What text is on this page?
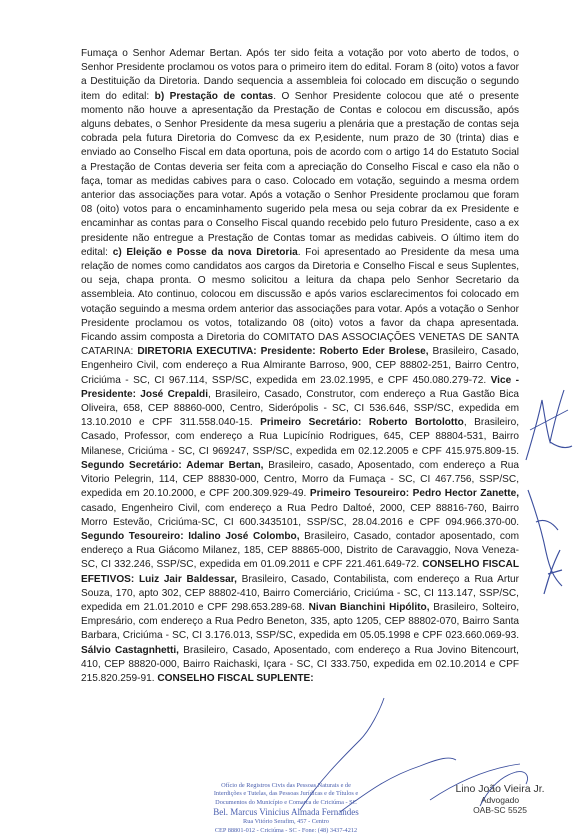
Fumaça o Senhor Ademar Bertan. Após ter sido feita a votação por voto aberto de todos, o Senhor Presidente proclamou os votos para o primeiro item do edital. Foram 8 (oito) votos a favor a Destituição da Diretoria. Dando sequencia a assembleia foi colocado em discução o segundo item do edital: b) Prestação de contas. O Senhor Presidente colocou que até o presente momento não houve a apresentação da Prestação de Contas e colocou em discussão, após alguns debates, o Senhor Presidente da mesa sugeriu a plenária que a prestação de contas seja cobrada pela futura Diretoria do Comvesc da ex P,esidente, num prazo de 30 (trinta) dias e enviado ao Conselho Fiscal em data oportuna, pois de acordo com o artigo 14 do Estatuto Social a Prestação de Contas deveria ser feita com a apreciação do Conselho Fiscal e caso ela não o faça, tomar as medidas cabives para o caso. Colocado em votação, seguindo a mesma ordem anterior das associações para votar. Após a votação o Senhor Presidente proclamou que foram 08 (oito) votos para o encaminhamento sugerido pela mesa ou seja cobrar da ex Presidente e encaminhar as contas para o Conselho Fiscal quando recebido pelo futuro Presidente, caso a ex presidente não entregue a Prestação de Contas tomar as medidas cabiveis. O último item do edital: c) Eleição e Posse da nova Diretoria. Foi apresentado ao Presidente da mesa uma relação de nomes como candidatos aos cargos da Diretoria e Conselho Fiscal e seus Suplentes, ou seja, chapa pronta. O mesmo solicitou a leitura da chapa pelo Senhor Secretario da assembleia. Ato continuo, colocou em discussão e após varios esclarecimentos foi colocado em votação seguindo a mesma ordem anterior das associações para votar. Após a votação o Senhor Presidente proclamou os votos, totalizando 08 (oito) votos a favor da chapa apresentada. Ficando assim composta a Diretoria do COMITATO DAS ASSOCIAÇÕES VENETAS DE SANTA CATARINA: DIRETORIA EXECUTIVA: Presidente: Roberto Eder Brolese, Brasileiro, Casado, Engenheiro Civil, com endereço a Rua Almirante Barroso, 900, CEP 88802-251, Bairro Centro, Criciúma - SC, CI 967.114, SSP/SC, expedida em 23.02.1995, e CPF 450.080.279-72. Vice - Presidente: José Crepaldi, Brasileiro, Casado, Construtor, com endereço a Rua Gastão Bica Oliveira, 658, CEP 88860-000, Centro, Siderópolis - SC, CI 536.646, SSP/SC, expedida em 13.10.2010 e CPF 311.558.040-15. Primeiro Secretário: Roberto Bortolotto, Brasileiro, Casado, Professor, com endereço a Rua Lupicínio Rodrigues, 645, CEP 88804-531, Bairro Milanese, Criciúma - SC, CI 969247, SSP/SC, expedida em 02.12.2005 e CPF 415.975.809-15. Segundo Secretário: Ademar Bertan, Brasileiro, casado, Aposentado, com endereço a Rua Vitorio Pelegrin, 114, CEP 88830-000, Centro, Morro da Fumaça - SC, CI 467.756, SSP/SC, expedida em 20.10.2000, e CPF 200.309.929-49. Primeiro Tesoureiro: Pedro Hector Zanette, casado, Engenheiro Civil, com endereço a Rua Pedro Daltoé, 2000, CEP 88816-760, Bairro Morro Estevão, Criciúma-SC, CI 600.3435101, SSP/SC, 28.04.2016 e CPF 094.966.370-00. Segundo Tesoureiro: Idalino José Colombo, Brasileiro, Casado, contador aposentado, com endereço a Rua Giácomo Milanez, 185, CEP 88865-000, Distrito de Caravaggio, Nova Veneza-SC, CI 332.246, SSP/SC, expedida em 01.09.2011 e CPF 221.461.649-72. CONSELHO FISCAL EFETIVOS: Luiz Jair Baldessar, Brasileiro, Casado, Contabilista, com endereço a Rua Artur Souza, 170, apto 302, CEP 88802-410, Bairro Comerciário, Criciúma - SC, CI 113.147, SSP/SC, expedida em 21.01.2010 e CPF 298.653.289-68. Nivan Bianchini Hipólito, Brasileiro, Solteiro, Empresário, com endereço a Rua Pedro Beneton, 335, apto 1205, CEP 88802-070, Bairro Santa Barbara, Criciúma - SC, CI 3.176.013, SSP/SC, expedida em 05.05.1998 e CPF 023.660.069-93. Sálvio Castagnhetti, Brasileiro, Casado, Aposentado, com endereço a Rua Jovino Bitencourt, 410, CEP 88820-000, Bairro Raichaski, Içara - SC, CI 333.750, expedida em 02.10.2014 e CPF 215.820.259-91. CONSELHO FISCAL SUPLENTE:

Ofício de Registros Civis das Pessoas Naturais e de
Interdições e Tutelas, das Pessoas Jurídicas e de Títulos e
Documentos do Município e Comarca de Criciúma - SC
Bel. Marcus Vinicius Almada Fernandes
Rua Vitório Serafim, 457 - Centro
CEP 88801-012 - Criciúma - SC - Fone: (48) 3437-4212
Lino João Vieira Jr.
Advogado
OAB-SC 5525
